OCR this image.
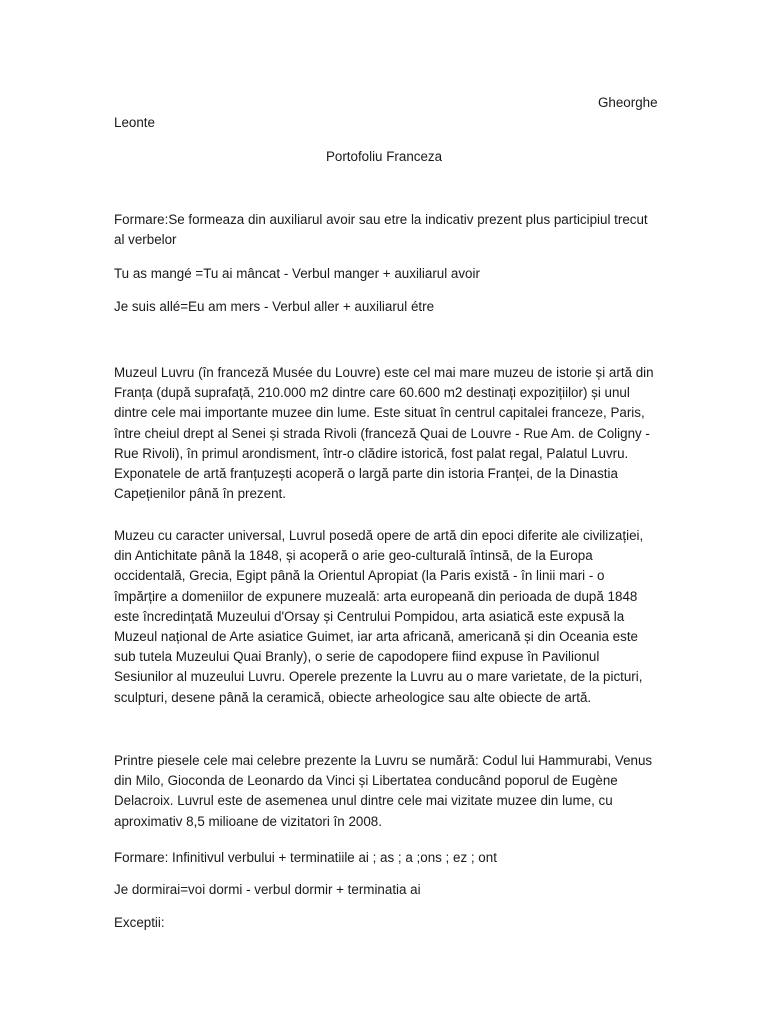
Gheorghe
Leonte
Portofoliu Franceza

Formare:Se formeaza din auxiliarul avoir sau etre la indicativ prezent plus participiul trecut al verbelor

Tu as mangé =Tu ai mâncat - Verbul manger + auxiliarul avoir

Je suis allé=Eu am mers - Verbul aller + auxiliarul étre

Muzeul Luvru (în franceză Musée du Louvre) este cel mai mare muzeu de istorie și artă din Franța (după suprafață, 210.000 m2 dintre care 60.600 m2 destinați expozițiilor) și unul dintre cele mai importante muzee din lume. Este situat în centrul capitalei franceze, Paris, între cheiul drept al Senei și strada Rivoli (franceză Quai de Louvre - Rue Am. de Coligny - Rue Rivoli), în primul arondisment, într-o clădire istorică, fost palat regal, Palatul Luvru. Exponatele de artă franțuzești acoperă o largă parte din istoria Franței, de la Dinastia Capețienilor până în prezent.

Muzeu cu caracter universal, Luvrul posedă opere de artă din epoci diferite ale civilizației, din Antichitate până la 1848, și acoperă o arie geo-culturală întinsă, de la Europa occidentală, Grecia, Egipt până la Orientul Apropiat (la Paris există - în linii mari - o împărțire a domeniilor de expunere muzeală: arta europeană din perioada de după 1848 este încredințată Muzeului d'Orsay și Centrului Pompidou, arta asiatică este expusă la Muzeul național de Arte asiatice Guimet, iar arta africană, americană și din Oceania este sub tutela Muzeului Quai Branly), o serie de capodopere fiind expuse în Pavilionul Sesiunilor al muzeului Luvru. Operele prezente la Luvru au o mare varietate, de la picturi, sculpturi, desene până la ceramică, obiecte arheologice sau alte obiecte de artă.

Printre piesele cele mai celebre prezente la Luvru se numără: Codul lui Hammurabi, Venus din Milo, Gioconda de Leonardo da Vinci și Libertatea conducând poporul de Eugène Delacroix. Luvrul este de asemenea unul dintre cele mai vizitate muzee din lume, cu aproximativ 8,5 milioane de vizitatori în 2008.

Formare: Infinitivul verbului + terminatiile ai ; as ; a ;ons ; ez ; ont

Je dormirai=voi dormi - verbul dormir + terminatia ai

Exceptii:
